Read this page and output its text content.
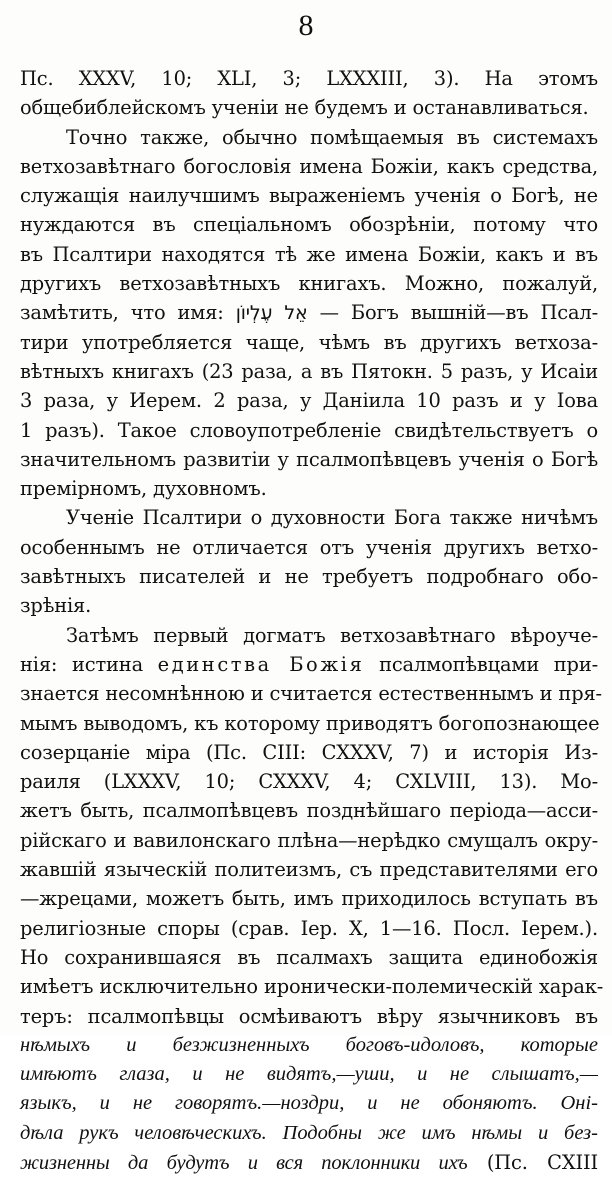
8
Пс. XXXV, 10; XLI, 3; LXXXIII, 3). На этомъ
общебиблейскомъ ученіи не будемъ и останавливаться.
Точно также, обычно помѣщаемыя въ системахъ
ветхозавѣтнаго богословія имена Божіи, какъ средства,
служащія наилучшимъ выраженіемъ ученія о Богѣ, не
нуждаются въ спеціальномъ обозрѣніи, потому что
въ Псалтири находятся тѣ же имена Божіи, какъ и въ
другихъ ветхозавѣтныхъ книгахъ. Можно, пожалуй,
замѣтить, что имя: אֵל עֶלְיוֹן — Богъ вышній—въ Псал-
тири употребляется чаще, чѣмъ въ другихъ ветхоза-
вѣтныхъ книгахъ (23 раза, а въ Пятокн. 5 разъ, у Исаіи
3 раза, у Иерем. 2 раза, у Даніила 10 разъ и у Іова
1 разъ). Такое словоупотребленіе свидѣтельствуетъ о
значительномъ развитіи у псалмопѣвцевъ ученія о Богѣ
премірномъ, духовномъ.
Ученіе Псалтири о духовности Бога также ничѣмъ
особеннымъ не отличается отъ ученія другихъ ветхо-
завѣтныхъ писателей и не требуетъ подробнаго обо-
зрѣнія.
Затѣмъ первый догматъ ветхозавѣтнаго вѣроуче-
нія: истина единства Божія псалмопѣвцами при-
знается несомнѣнною и считается естественнымъ и пря-
мымъ выводомъ, къ которому приводятъ богопознающее
созерцаніе міра (Пс. CIII: CXXXV, 7) и исторія Из-
раиля (LXXXV, 10; CXXXV, 4; CXLVIII, 13). Мо-
жетъ быть, псалмопѣвцевъ позднѣйшаго періода—асси-
рійскаго и вавилонскаго плѣна—нерѣдко смущалъ окру-
жавшій языческій политеизмъ, съ представителями его
—жрецами, можетъ быть, имъ приходилось вступать въ
религіозные споры (срав. Іер. X, 1—16. Посл. Іерем.).
Но сохранившаяся въ псалмахъ защита единобожія
имѣетъ исключительно иронически-полемическій харак-
теръ: псалмопѣвцы осмѣиваютъ вѣру язычниковъ въ
нѣмыхъ и безжизненныхъ боговъ-идоловъ, которые
имѣютъ глаза, и не видятъ,—уши, и не слышатъ,—
языкъ, и не говорятъ.—ноздри, и не обоняютъ. Оні-
дѣла рукъ человѣческихъ. Подобны же имъ нѣмы и без-
жизненны да будутъ и вся поклонники ихъ (Пс. CXIII
